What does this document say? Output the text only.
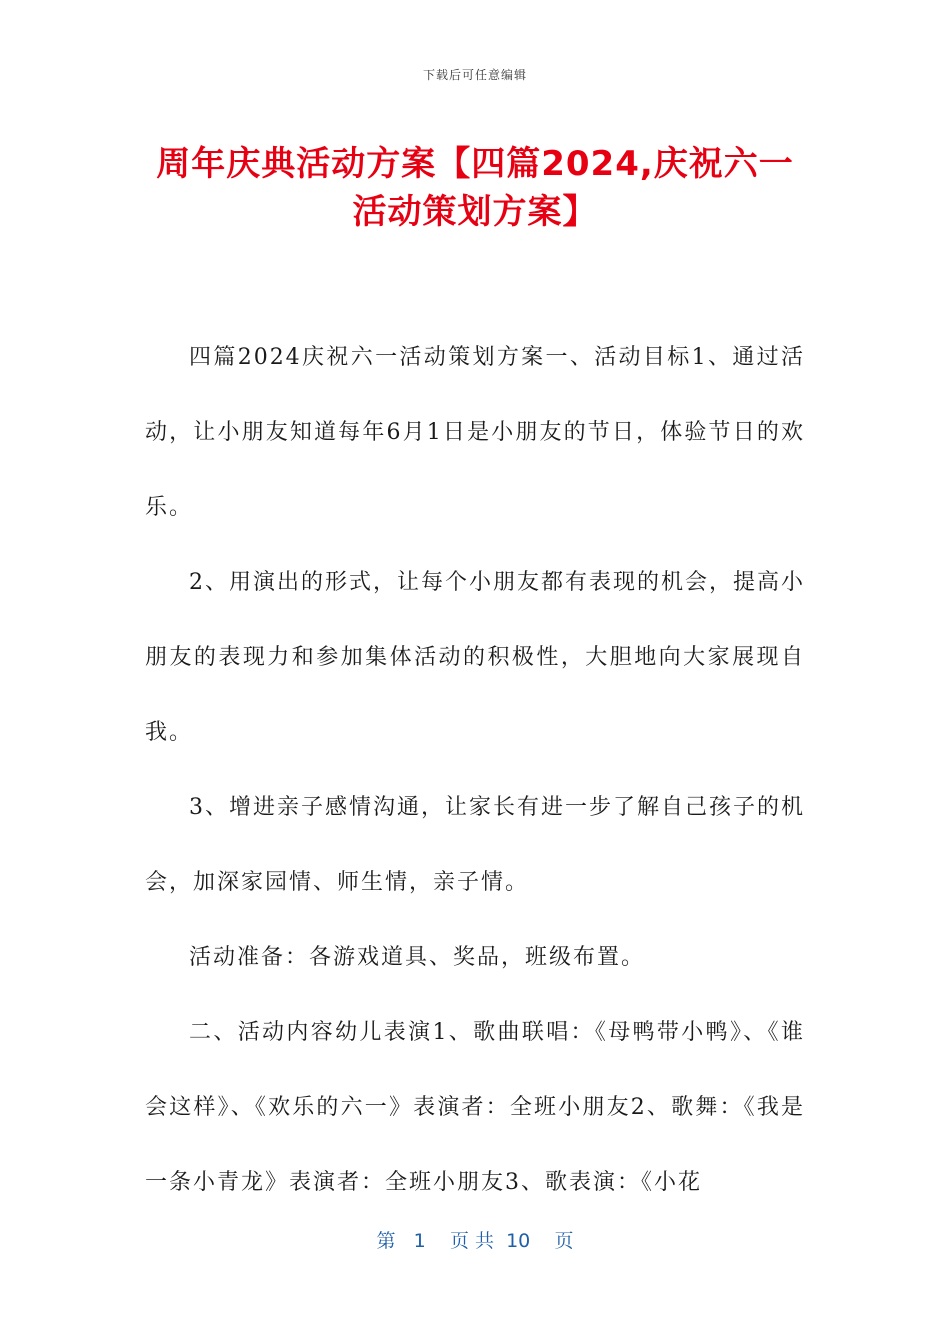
下载后可任意编辑
周年庆典活动方案【四篇2024,庆祝六一活动策划方案】

四篇2024庆祝六一活动策划方案一、活动目标1、通过活动，让小朋友知道每年6月1日是小朋友的节日，体验节日的欢乐。

2、用演出的形式，让每个小朋友都有表现的机会，提高小朋友的表现力和参加集体活动的积极性，大胆地向大家展现自我。

3、增进亲子感情沟通，让家长有进一步了解自己孩子的机会，加深家园情、师生情，亲子情。

活动准备：各游戏道具、奖品，班级布置。

二、活动内容幼儿表演1、歌曲联唱：《母鸭带小鸭》、《谁会这样》、《欢乐的六一》表演者：全班小朋友2、歌舞：《我是一条小青龙》表演者：全班小朋友3、歌表演：《小花

第 1 页 共 10 页
